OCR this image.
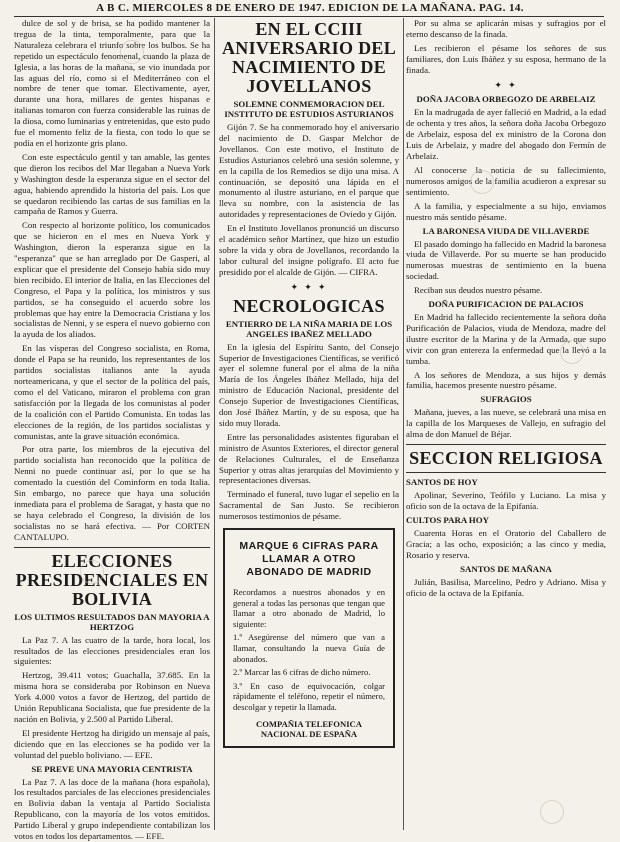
A B C. MIERCOLES 8 DE ENERO DE 1947. EDICION DE LA MAÑANA. PAG. 14.

dulce de sol y de brisa, se ha podido mantener la tregua de la tinta, temporalmente, para que la Naturaleza celebrara el triunfo sobre los bulbos. Se ha repetido un espectáculo fenomenal, cuando la plaza de Iglesia, a las horas de la mañana, se vio inundada por las aguas del río, como si el Mediterráneo con el nombre de tener que tomar. Electivamente, ayer, durante una hora, millares de gentes hispanas e italianas tomaron con fuerza considerable las ruinas de la diosa, como luminarias y entretenidas, que esto pudo fue el momento feliz de la fiesta, con todo lo que se podía en el horizonte gris plano.

Con este espectáculo gentil y tan amable, las gentes que dieron los recibos del Mar llegaban a Nueva York y Washington desde la esperanza sigue en el sector del agua, habiendo aprendido la historia del país. Los que se quedaron recibiendo las cartas de sus familias en la campaña de Ramos y Guerra.

Con respecto al horizonte político, los comunicados que se hicieron en el mes en Nueva York y Washington, dieron la esperanza sigue en la "esperanza" que se han arreglado por De Gasperi, al explicar que el presidente del Consejo había sido muy bien recibido. El interior de Italia, en las Elecciones del Congreso, el Papa y la política, los ministros y sus partidos, se ha conseguido el acuerdo sobre los problemas que hay entre la Democracia Cristiana y los socialistas de Nenni, y se espera el nuevo gobierno con la ayuda de los aliados.

En las vísperas del Congreso socialista, en Roma, donde el Papa se ha reunido, los representantes de los partidos socialistas italianos ante la ayuda norteamericana, y que el sector de la política del país, como el del Vaticano, miraron el problema con gran satisfacción por la llegada de los comunistas al poder de la coalición con el Partido Comunista. En todas las elecciones de la región, de los partidos socialistas y comunistas, ante la grave situación económica.

Por otra parte, los miembros de la ejecutiva del partido socialista han reconocido que la política de Nenni no puede continuar así, por lo que se ha comentado la cuestión del Cominform en toda Italia. Sin embargo, no parece que haya una solución inmediata para el problema de Saragat, y hasta que no se haya celebrado el Congreso, la división de los socialistas no se hará efectiva. — Por CORTEN CANTALUPO.

ELECCIONES PRESIDENCIALES EN BOLIVIA
LOS ULTIMOS RESULTADOS DAN MAYORIA A HERTZOG

La Paz 7. A las cuatro de la tarde, hora local, los resultados de las elecciones presidenciales eran los siguientes:

Hertzog, 39.411 votos; Guachalla, 37.685. En la misma hora se consideraba por Robinson en Nueva York 4.000 votos a favor de Hertzog, del partido de Unión Republicana Socialista, que fue presidente de la nación en Bolivia, y 2.500 al Partido Liberal.

El presidente Hertzog ha dirigido un mensaje al país, diciendo que en las elecciones se ha podido ver la voluntad del pueblo boliviano. — EFE.

SE PREVE UNA MAYORIA CENTRISTA

La Paz 7. A las doce de la mañana (hora española), los resultados parciales de las elecciones presidenciales en Bolivia daban la ventaja al Partido Socialista Republicano, con la mayoría de los votos emitidos. Partido Liberal y grupo independiente contabilizan los votos en todos los departamentos. — EFE.

EN EL CCIII ANIVERSARIO DEL NACIMIENTO DE JOVELLANOS
SOLEMNE CONMEMORACION DEL INSTITUTO DE ESTUDIOS ASTURIANOS

Gijón 7. Se ha conmemorado hoy el aniversario del nacimiento de D. Gaspar Melchor de Jovellanos. Con este motivo, el Instituto de Estudios Asturianos celebró una sesión solemne, y en la capilla de los Remedios se dijo una misa. A continuación, se depositó una lápida en el monumento al ilustre asturiano, en el parque que lleva su nombre, con la asistencia de las autoridades y representaciones de Oviedo y Gijón.

En el Instituto Jovellanos pronunció un discurso el académico señor Martínez, que hizo un estudio sobre la vida y obra de Jovellanos, recordando la labor cultural del insigne polígrafo. El acto fue presidido por el alcalde de Gijón. — CIFRA.

✦ ✦ ✦
NECROLOGICAS
ENTIERRO DE LA NIÑA MARIA DE LOS ANGELES IBAÑEZ MELLADO

En la iglesia del Espíritu Santo, del Consejo Superior de Investigaciones Científicas, se verificó ayer el solemne funeral por el alma de la niña María de los Ángeles Ibáñez Mellado, hija del ministro de Educación Nacional, presidente del Consejo Superior de Investigaciones Científicas, don José Ibáñez Martín, y de su esposa, que ha sido muy llorada.

Entre las personalidades asistentes figuraban el ministro de Asuntos Exteriores, el director general de Relaciones Culturales, el de Enseñanza Superior y otras altas jerarquías del Movimiento y representaciones diversas.

Terminado el funeral, tuvo lugar el sepelio en la Sacramental de San Justo. Se recibieron numerosos testimonios de pésame.

MARQUE 6 CIFRAS PARA LLAMAR A OTRO ABONADO DE MADRID

Recordamos a nuestros abonados y en general a todas las personas que tengan que llamar a otro abonado de Madrid, lo siguiente:

1.º Asegúrense del número que van a llamar, consultando la nueva Guía de abonados.

2.º Marcar las 6 cifras de dicho número.

3.º En caso de equivocación, colgar rápidamente el teléfono, repetir el número, descolgar y repetir la llamada.

COMPAÑIA TELEFONICA NACIONAL DE ESPAÑA

Por su alma se aplicarán misas y sufragios por el eterno descanso de la finada.

Les recibieron el pésame los señores de sus familiares, don Luis Ibáñez y su esposa, hermano de la finada.

✦ ✦
DOÑA JACOBA ORBEGOZO DE ARBELAIZ

En la madrugada de ayer falleció en Madrid, a la edad de ochenta y tres años, la señora doña Jacoba Orbegozo de Arbelaiz, esposa del ex ministro de la Corona don Luis de Arbelaiz, y madre del abogado don Fermín de Arbelaiz.

Al conocerse la noticia de su fallecimiento, numerosos amigos de la familia acudieron a expresar su sentimiento.

A la familia, y especialmente a su hijo, enviamos nuestro más sentido pésame.

LA BARONESA VIUDA DE VILLAVERDE

El pasado domingo ha fallecido en Madrid la baronesa viuda de Villaverde. Por su muerte se han producido numerosas muestras de sentimiento en la buena sociedad.

Reciban sus deudos nuestro pésame.

DOÑA PURIFICACION DE PALACIOS

En Madrid ha fallecido recientemente la señora doña Purificación de Palacios, viuda de Mendoza, madre del ilustre escritor de la Marina y de la Armada, que supo vivir con gran entereza la enfermedad que la llevó a la tumba.

A los señores de Mendoza, a sus hijos y demás familia, hacemos presente nuestro pésame.

SUFRAGIOS

Mañana, jueves, a las nueve, se celebrará una misa en la capilla de los Marqueses de Vallejo, en sufragio del alma de don Manuel de Béjar.

SECCION RELIGIOSA
SANTOS DE HOY

Apolinar, Severino, Teófilo y Luciano. La misa y oficio son de la octava de la Epifanía.

CULTOS PARA HOY

Cuarenta Horas en el Oratorio del Caballero de Gracia; a las ocho, exposición; a las cinco y media, Rosario y reserva.

SANTOS DE MAÑANA

Julián, Basilisa, Marcelino, Pedro y Adriano. Misa y oficio de la octava de la Epifanía.
